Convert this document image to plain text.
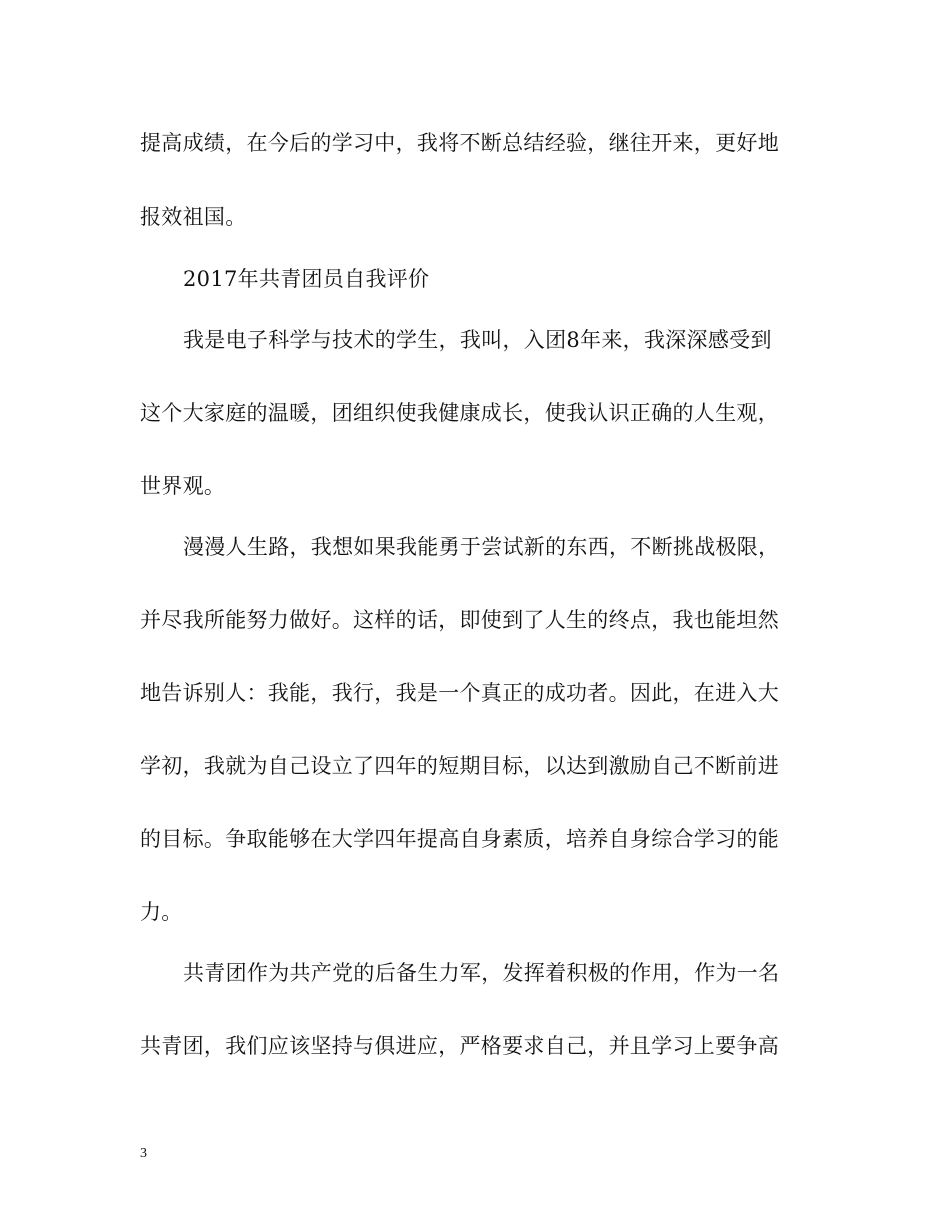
提高成绩，在今后的学习中，我将不断总结经验，继往开来，更好地
报效祖国。
2017年共青团员自我评价
我是电子科学与技术的学生，我叫，入团8年来，我深深感受到
这个大家庭的温暖，团组织使我健康成长，使我认识正确的人生观，
世界观。
漫漫人生路，我想如果我能勇于尝试新的东西，不断挑战极限，
并尽我所能努力做好。这样的话，即使到了人生的终点，我也能坦然
地告诉别人：我能，我行，我是一个真正的成功者。因此，在进入大
学初，我就为自己设立了四年的短期目标，以达到激励自己不断前进
的目标。争取能够在大学四年提高自身素质，培养自身综合学习的能
力。
共青团作为共产党的后备生力军，发挥着积极的作用，作为一名
共青团，我们应该坚持与俱进应，严格要求自己，并且学习上要争高
3
